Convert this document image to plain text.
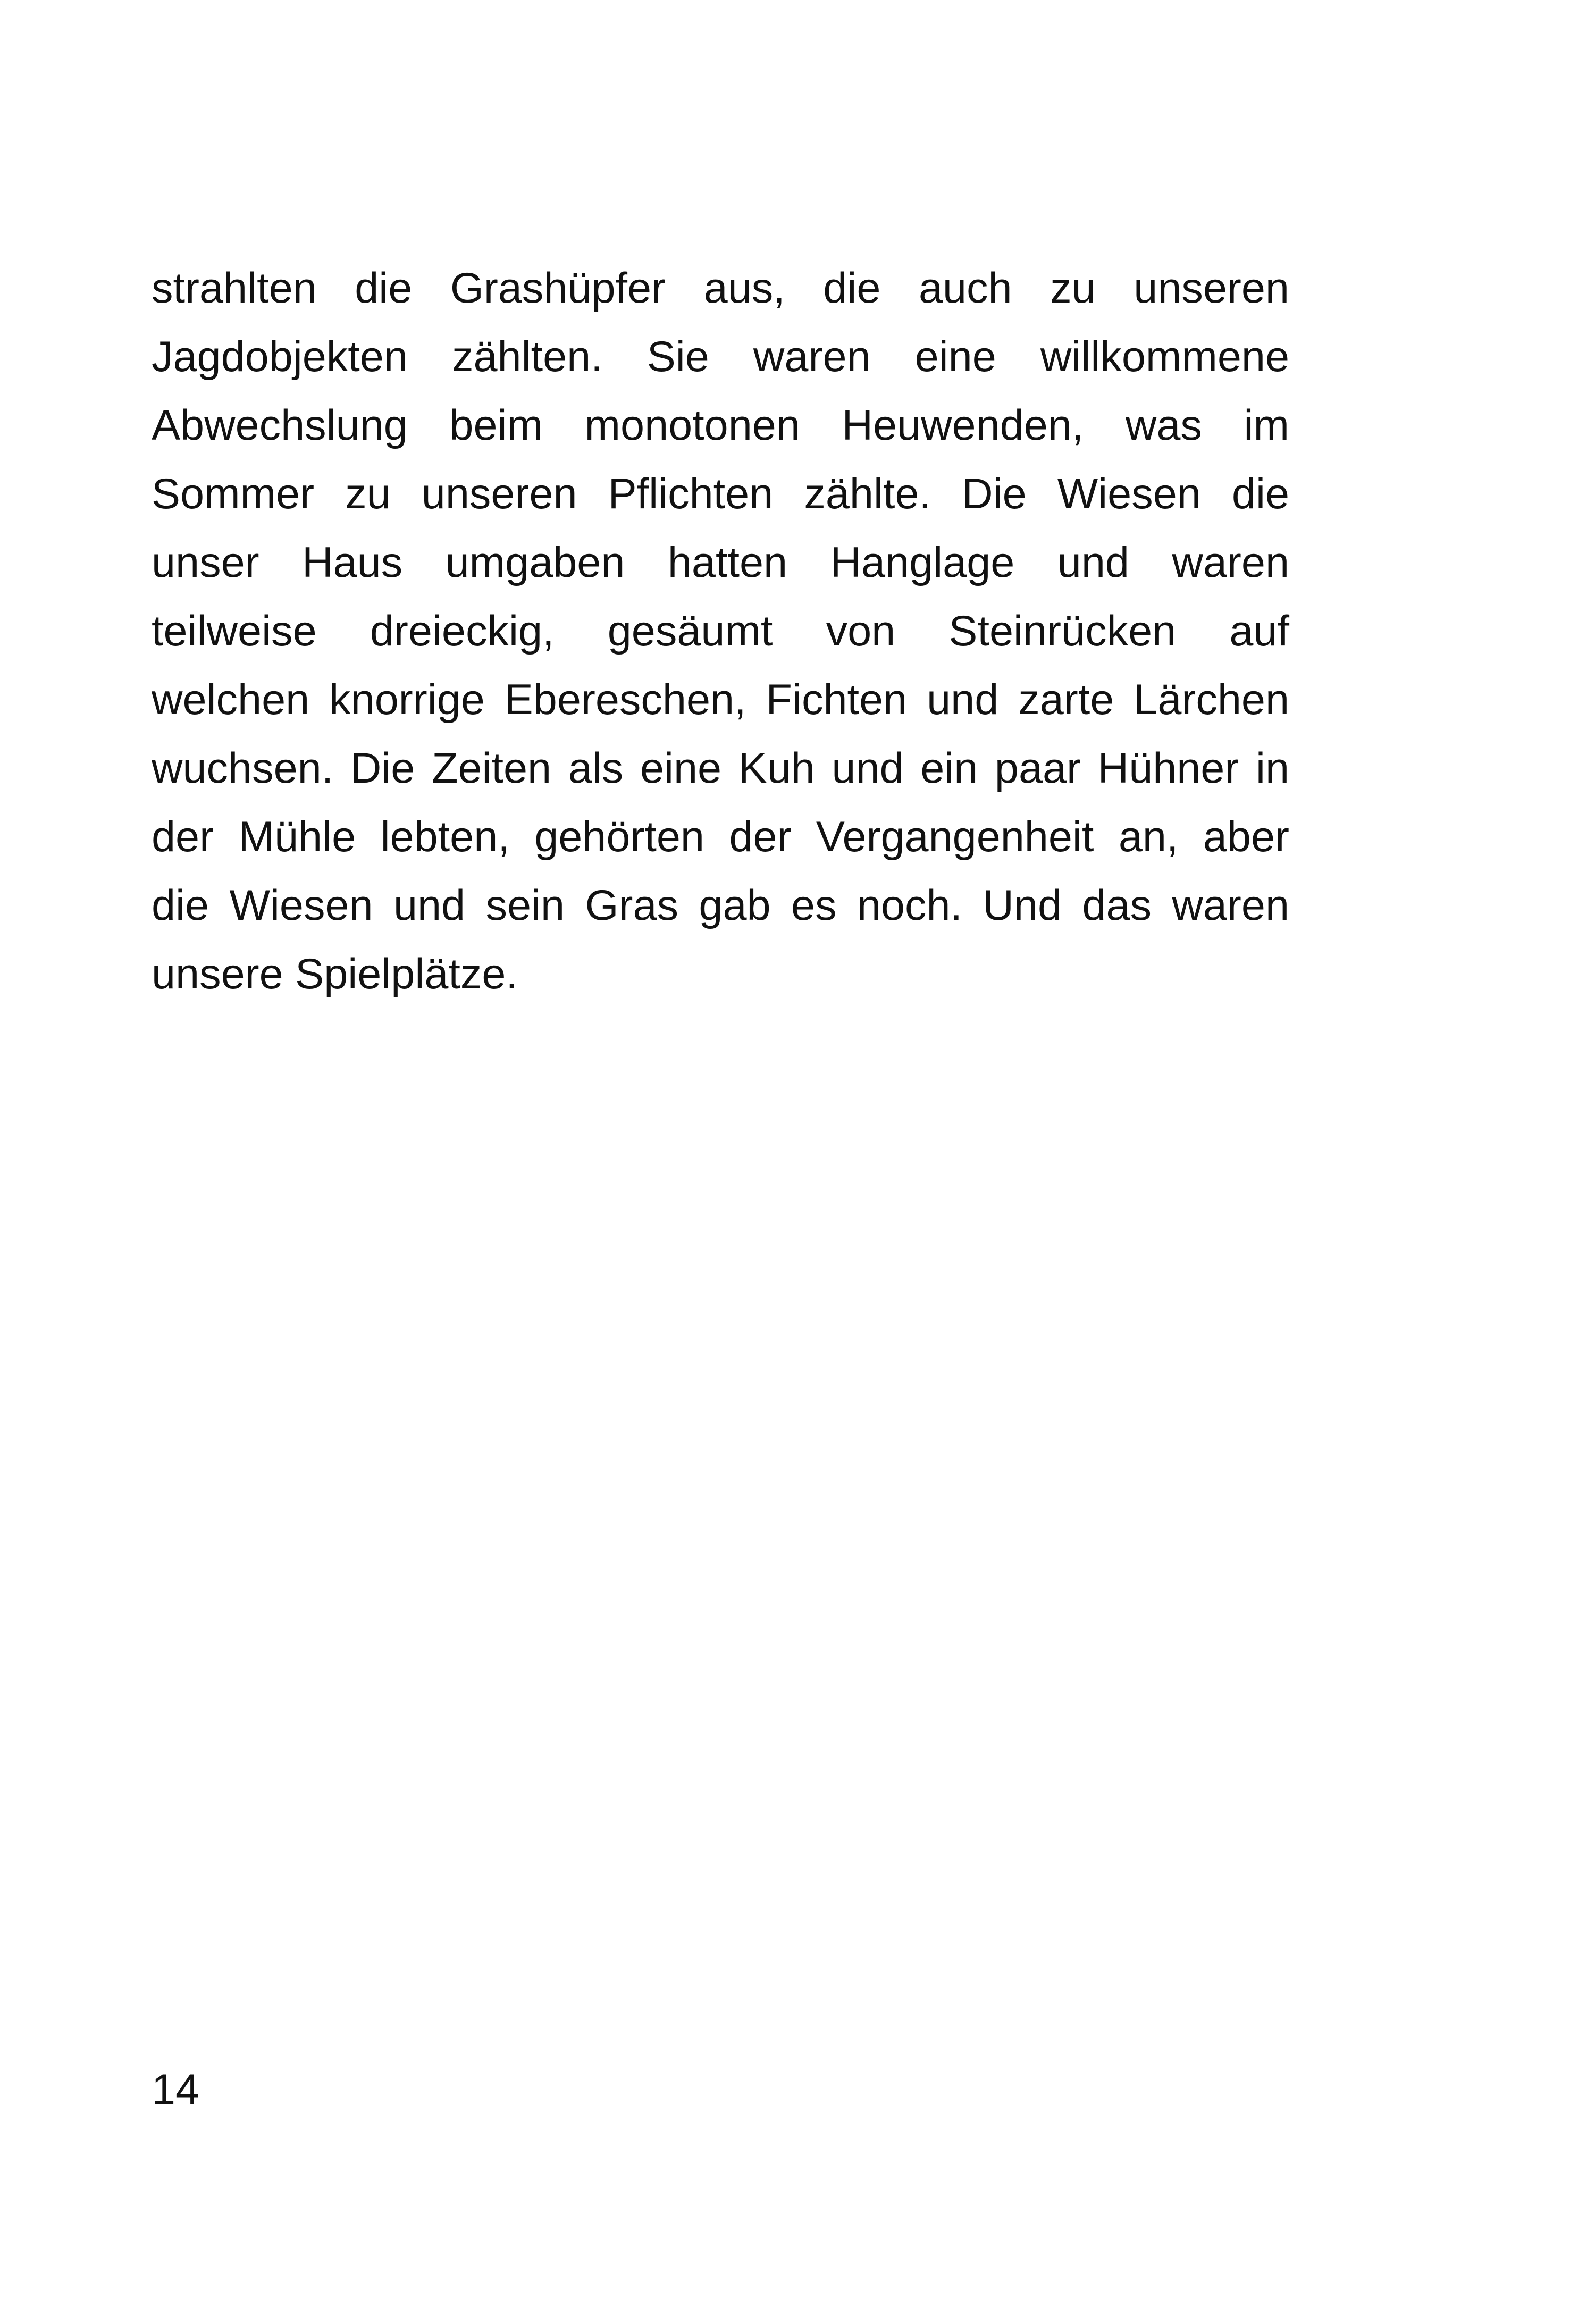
strahlten die Grashüpfer aus, die auch zu unseren
Jagdobjekten zählten. Sie waren eine willkommene
Abwechslung beim monotonen Heuwenden, was im
Sommer zu unseren Pflichten zählte. Die Wiesen die
unser Haus umgaben hatten Hanglage und waren
teilweise dreieckig, gesäumt von Steinrücken auf
welchen knorrige Ebereschen, Fichten und zarte Lärchen
wuchsen. Die Zeiten als eine Kuh und ein paar Hühner in
der Mühle lebten, gehörten der Vergangenheit an, aber
die Wiesen und sein Gras gab es noch. Und das waren
unsere Spielplätze.
14
